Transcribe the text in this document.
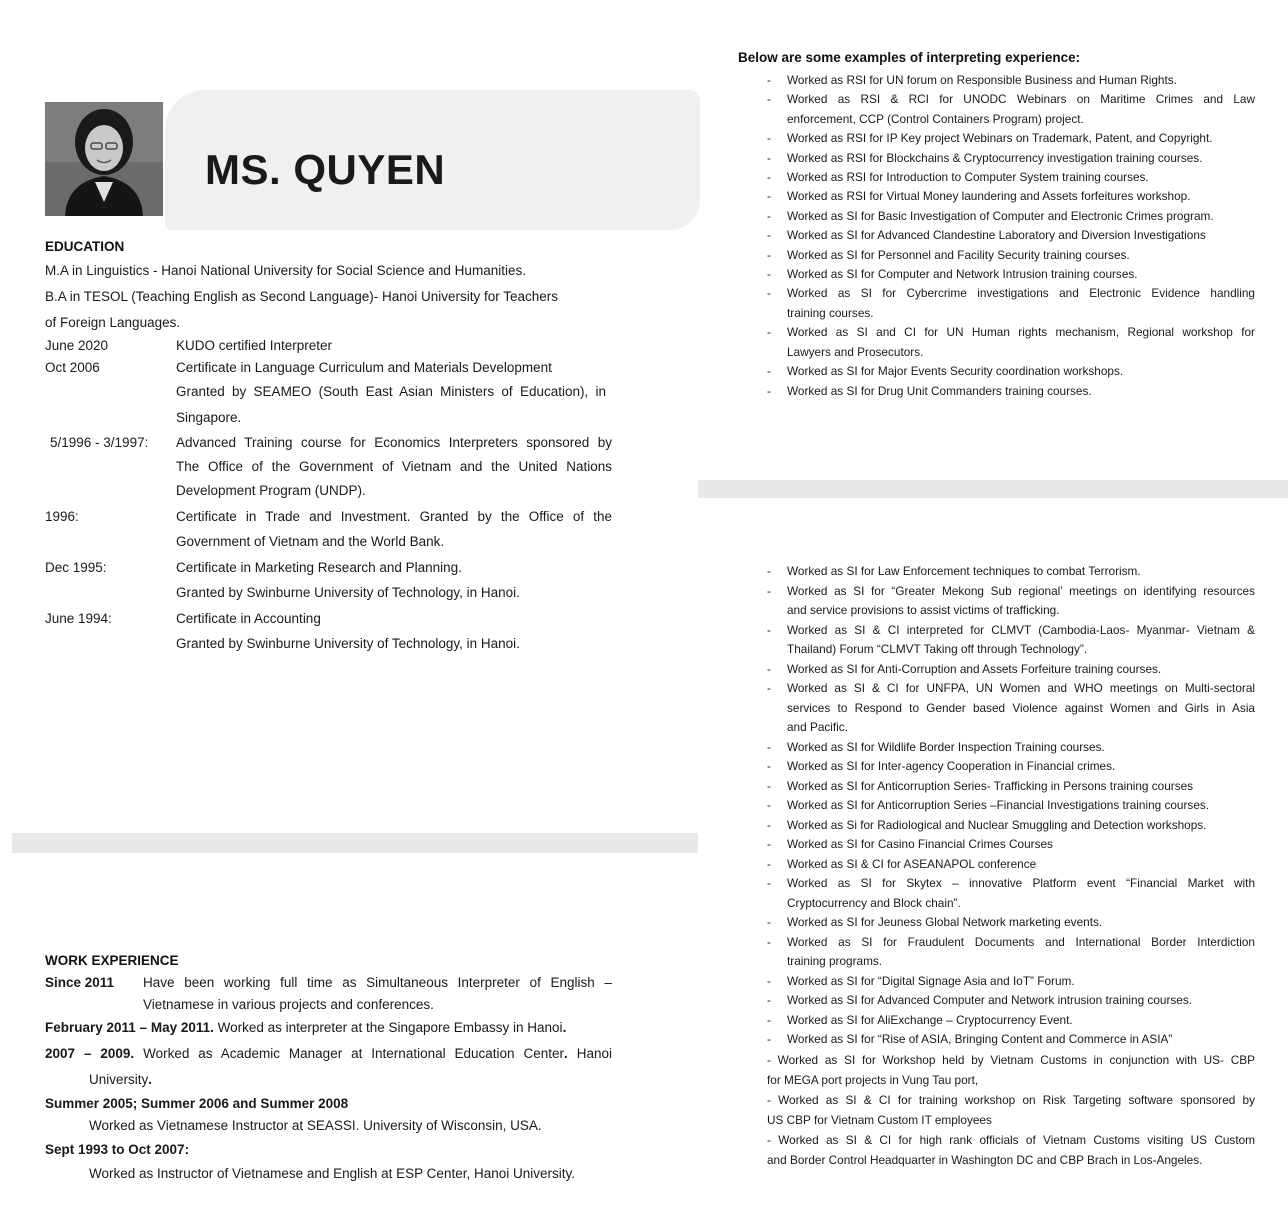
MS. QUYEN
EDUCATION
M.A in Linguistics - Hanoi National University for Social Science and Humanities.
B.A in TESOL (Teaching English as Second Language)- Hanoi University for Teachers
of Foreign Languages.
June 2020	KUDO certified Interpreter
Oct 2006	Certificate in Language Curriculum and Materials Development
Granted by SEAMEO (South East Asian Ministers of Education), in
Singapore.
5/1996 - 3/1997: Advanced Training course for Economics Interpreters sponsored by
The Office of the Government of Vietnam and the United Nations
Development Program (UNDP).
1996:	Certificate in Trade and Investment. Granted by the Office of the
Government of Vietnam and the World Bank.
Dec 1995:	Certificate in Marketing Research and Planning.
Granted by Swinburne University of Technology, in Hanoi.
June 1994:	Certificate in Accounting
Granted by Swinburne University of Technology, in Hanoi.
WORK EXPERIENCE
Since 2011 Have been working full time as Simultaneous Interpreter of English –
Vietnamese in various projects and conferences.
February 2011 – May 2011. Worked as interpreter at the Singapore Embassy in Hanoi.
2007 – 2009. Worked as Academic Manager at International Education Center. Hanoi
University.
Summer 2005; Summer 2006 and Summer 2008
Worked as Vietnamese Instructor at SEASSI. University of Wisconsin, USA.
Sept 1993 to Oct 2007:
Worked as Instructor of Vietnamese and English at ESP Center, Hanoi University.
Below are some examples of interpreting experience:
- Worked as RSI for UN forum on Responsible Business and Human Rights.
- Worked as RSI & RCI for UNODC Webinars on Maritime Crimes and Law
enforcement, CCP (Control Containers Program) project.
- Worked as RSI for IP Key project Webinars on Trademark, Patent, and Copyright.
- Worked as RSI for Blockchains & Cryptocurrency investigation training courses.
- Worked as RSI for Introduction to Computer System training courses.
- Worked as RSI for Virtual Money laundering and Assets forfeitures workshop.
- Worked as SI for Basic Investigation of Computer and Electronic Crimes program.
- Worked as SI for Advanced Clandestine Laboratory and Diversion Investigations
- Worked as SI for Personnel and Facility Security training courses.
- Worked as SI for Computer and Network Intrusion training courses.
- Worked as SI for Cybercrime investigations and Electronic Evidence handling
training courses.
- Worked as SI and CI for UN Human rights mechanism, Regional workshop for
Lawyers and Prosecutors.
- Worked as SI for Major Events Security coordination workshops.
- Worked as SI for Drug Unit Commanders training courses.
- Worked as SI for Law Enforcement techniques to combat Terrorism.
- Worked as SI for “Greater Mekong Sub regional’ meetings on identifying resources
and service provisions to assist victims of trafficking.
- Worked as SI & CI interpreted for CLMVT (Cambodia-Laos- Myanmar- Vietnam &
Thailand) Forum “CLMVT Taking off through Technology”.
- Worked as SI for Anti-Corruption and Assets Forfeiture training courses.
- Worked as SI & CI for UNFPA, UN Women and WHO meetings on Multi-sectoral
services to Respond to Gender based Violence against Women and Girls in Asia
and Pacific.
- Worked as SI for Wildlife Border Inspection Training courses.
- Worked as SI for Inter-agency Cooperation in Financial crimes.
- Worked as SI for Anticorruption Series- Trafficking in Persons training courses
- Worked as SI for Anticorruption Series –Financial Investigations training courses.
- Worked as Si for Radiological and Nuclear Smuggling and Detection workshops.
- Worked as SI for Casino Financial Crimes Courses
- Worked as SI & CI for ASEANAPOL conference
- Worked as SI for Skytex – innovative Platform event “Financial Market with
Cryptocurrency and Block chain”.
- Worked as SI for Jeuness Global Network marketing events.
- Worked as SI for Fraudulent Documents and International Border Interdiction
training programs.
- Worked as SI for “Digital Signage Asia and IoT” Forum.
- Worked as SI for Advanced Computer and Network intrusion training courses.
- Worked as SI for AliExchange – Cryptocurrency Event.
- Worked as SI for “Rise of ASIA, Bringing Content and Commerce in ASIA”
- Worked as SI for Workshop held by Vietnam Customs in conjunction with US- CBP
for MEGA port projects in Vung Tau port,
- Worked as SI & CI for training workshop on Risk Targeting software sponsored by
US CBP for Vietnam Custom IT employees
- Worked as SI & CI for high rank officials of Vietnam Customs visiting US Custom
and Border Control Headquarter in Washington DC and CBP Brach in Los-Angeles.
